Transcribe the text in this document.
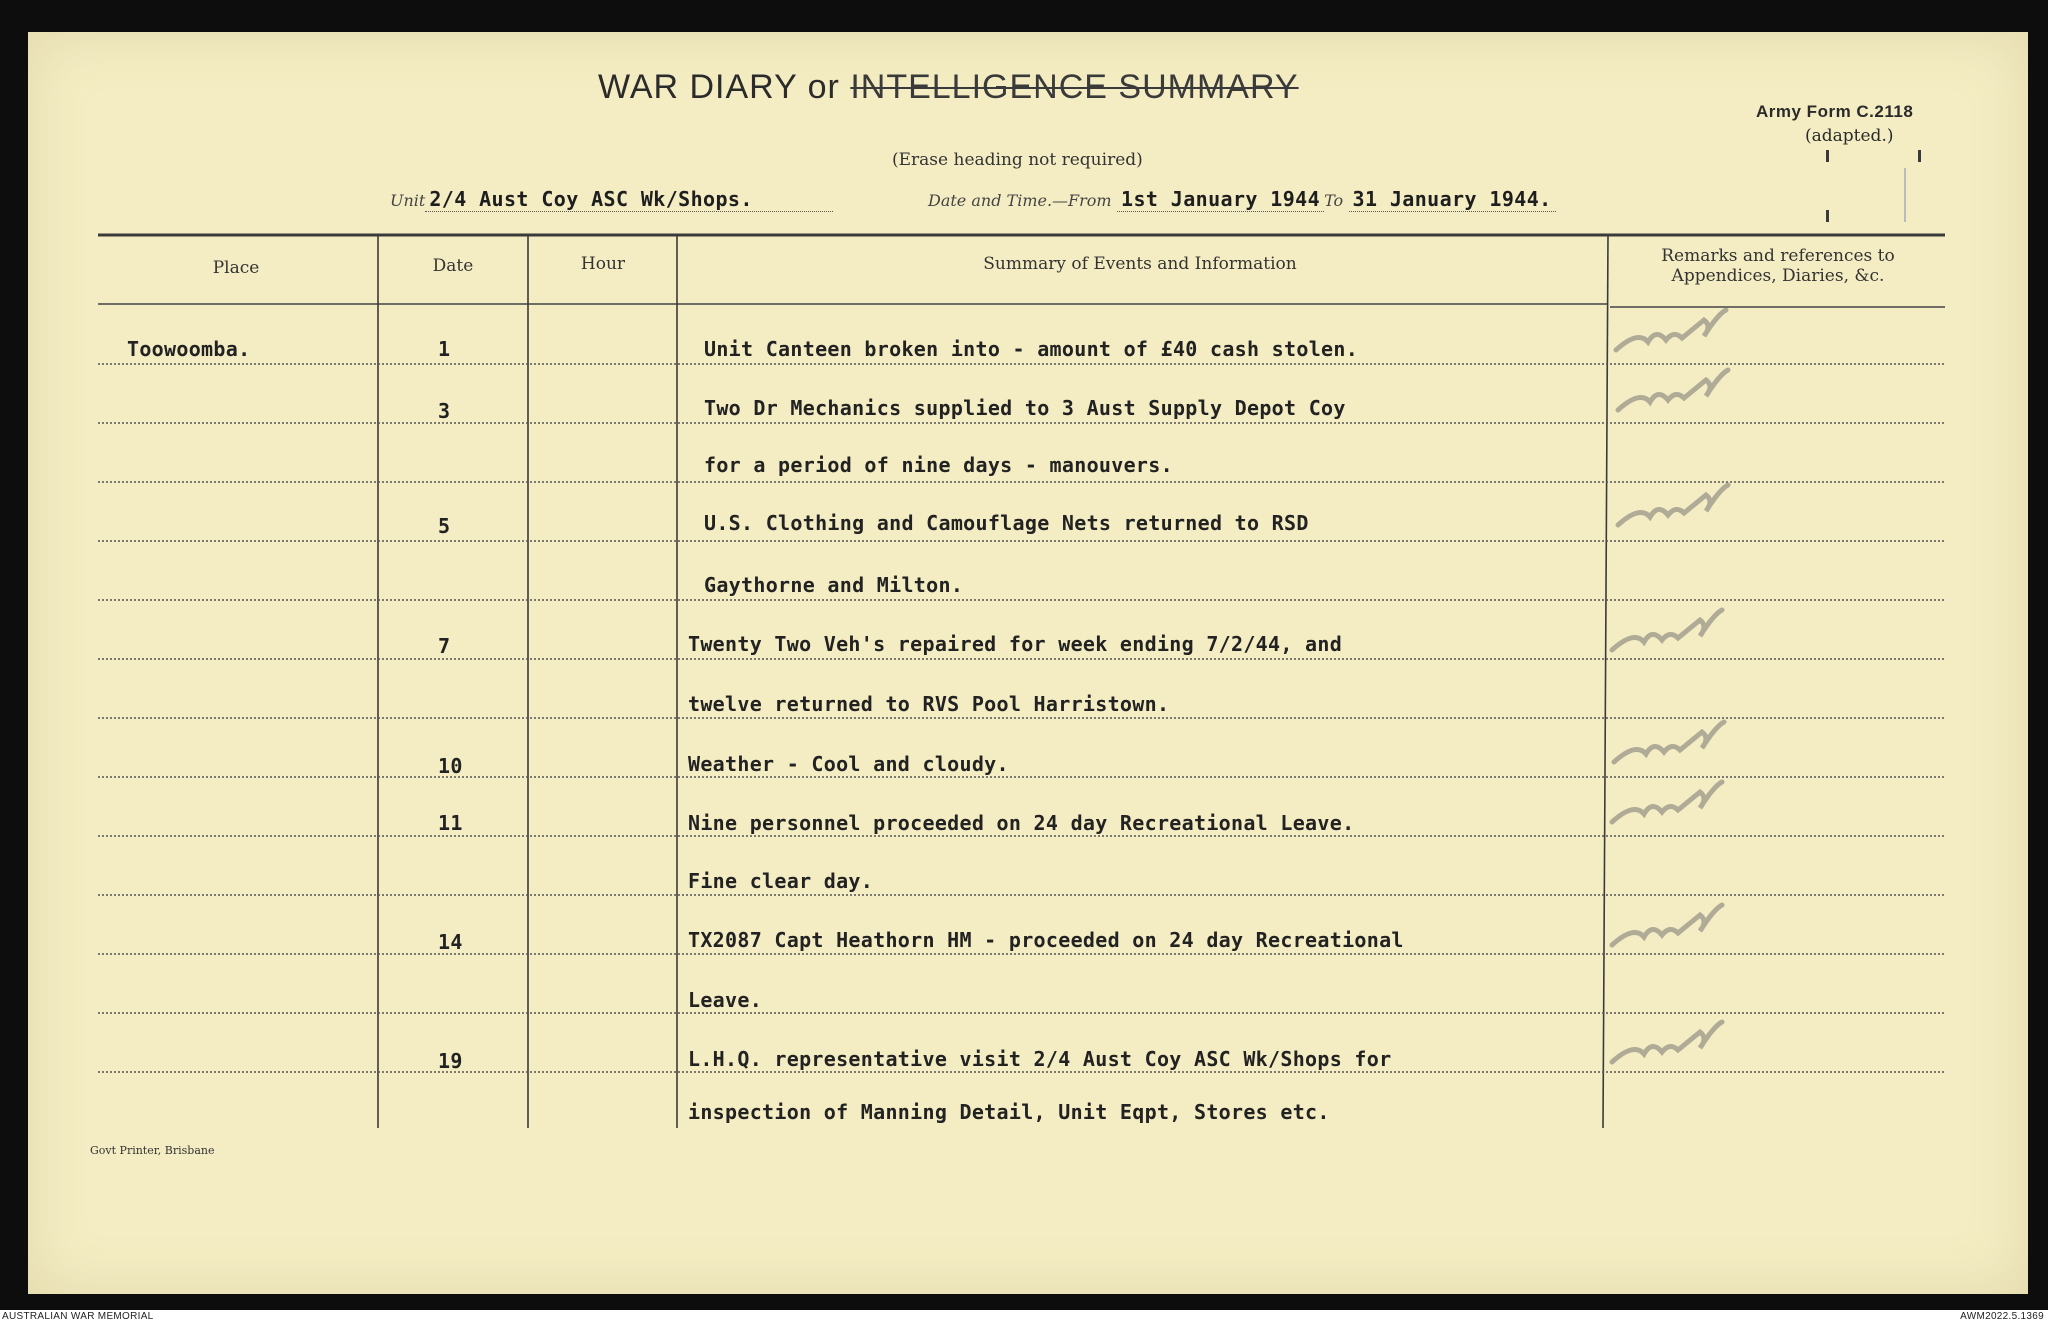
WAR DIARY or INTELLIGENCE SUMMARY
(Erase heading not required)
Army Form C.2118
(adapted.)
Unit 2/4 Aust Coy ASC Wk/Shops.	Date and Time.—From 1st January 1944 To 31 January 1944.
Place	Date	Hour	Summary of Events and Information	Remarks and references to
Appendices, Diaries, &c.
Toowoomba.	1	Unit Canteen broken into - amount of £40 cash stolen.
3	Two Dr Mechanics supplied to 3 Aust Supply Depot Coy
for a period of nine days - manouvers.
5	U.S. Clothing and Camouflage Nets returned to RSD
Gaythorne and Milton.
7	Twenty Two Veh's repaired for week ending 7/2/44, and
twelve returned to RVS Pool Harristown.
10	Weather - Cool and cloudy.
11	Nine personnel proceeded on 24 day Recreational Leave.
Fine clear day.
14	TX2087 Capt Heathorn HM - proceeded on 24 day Recreational
Leave.
19	L.H.Q. representative visit 2/4 Aust Coy ASC Wk/Shops for
inspection of Manning Detail, Unit Eqpt, Stores etc.
Govt Printer, Brisbane
AUSTRALIAN WAR MEMORIAL	AWM2022.5.1369
